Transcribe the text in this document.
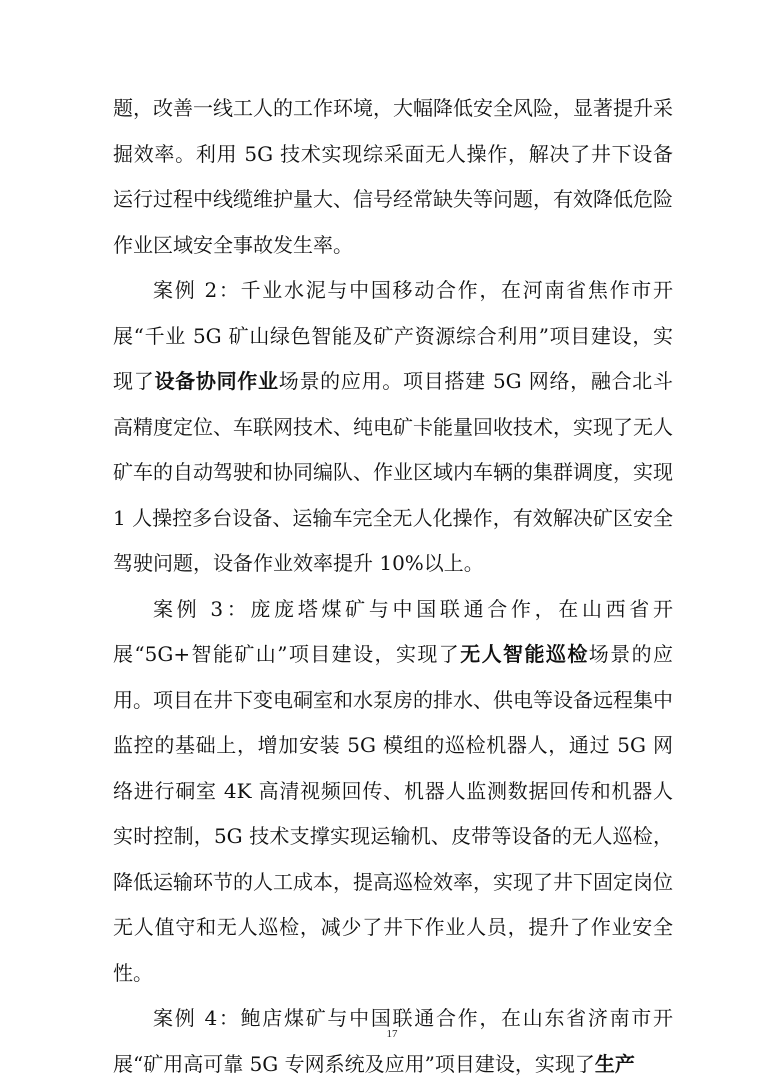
题，改善一线工人的工作环境，大幅降低安全风险，显著提升采掘效率。利用 5G 技术实现综采面无人操作，解决了井下设备运行过程中线缆维护量大、信号经常缺失等问题，有效降低危险作业区域安全事故发生率。

案例 2：千业水泥与中国移动合作，在河南省焦作市开展“千业 5G 矿山绿色智能及矿产资源综合利用”项目建设，实现了设备协同作业场景的应用。项目搭建 5G 网络，融合北斗高精度定位、车联网技术、纯电矿卡能量回收技术，实现了无人矿车的自动驾驶和协同编队、作业区域内车辆的集群调度，实现 1 人操控多台设备、运输车完全无人化操作，有效解决矿区安全驾驶问题，设备作业效率提升 10%以上。

案例 3：庞庞塔煤矿与中国联通合作，在山西省开展“5G+智能矿山”项目建设，实现了无人智能巡检场景的应用。项目在井下变电硐室和水泵房的排水、供电等设备远程集中监控的基础上，增加安装 5G 模组的巡检机器人，通过 5G 网络进行硐室 4K 高清视频回传、机器人监测数据回传和机器人实时控制，5G 技术支撑实现运输机、皮带等设备的无人巡检，降低运输环节的人工成本，提高巡检效率，实现了井下固定岗位无人值守和无人巡检，减少了井下作业人员，提升了作业安全性。

案例 4：鲍店煤矿与中国联通合作，在山东省济南市开展“矿用高可靠 5G 专网系统及应用”项目建设，实现了生产

17
